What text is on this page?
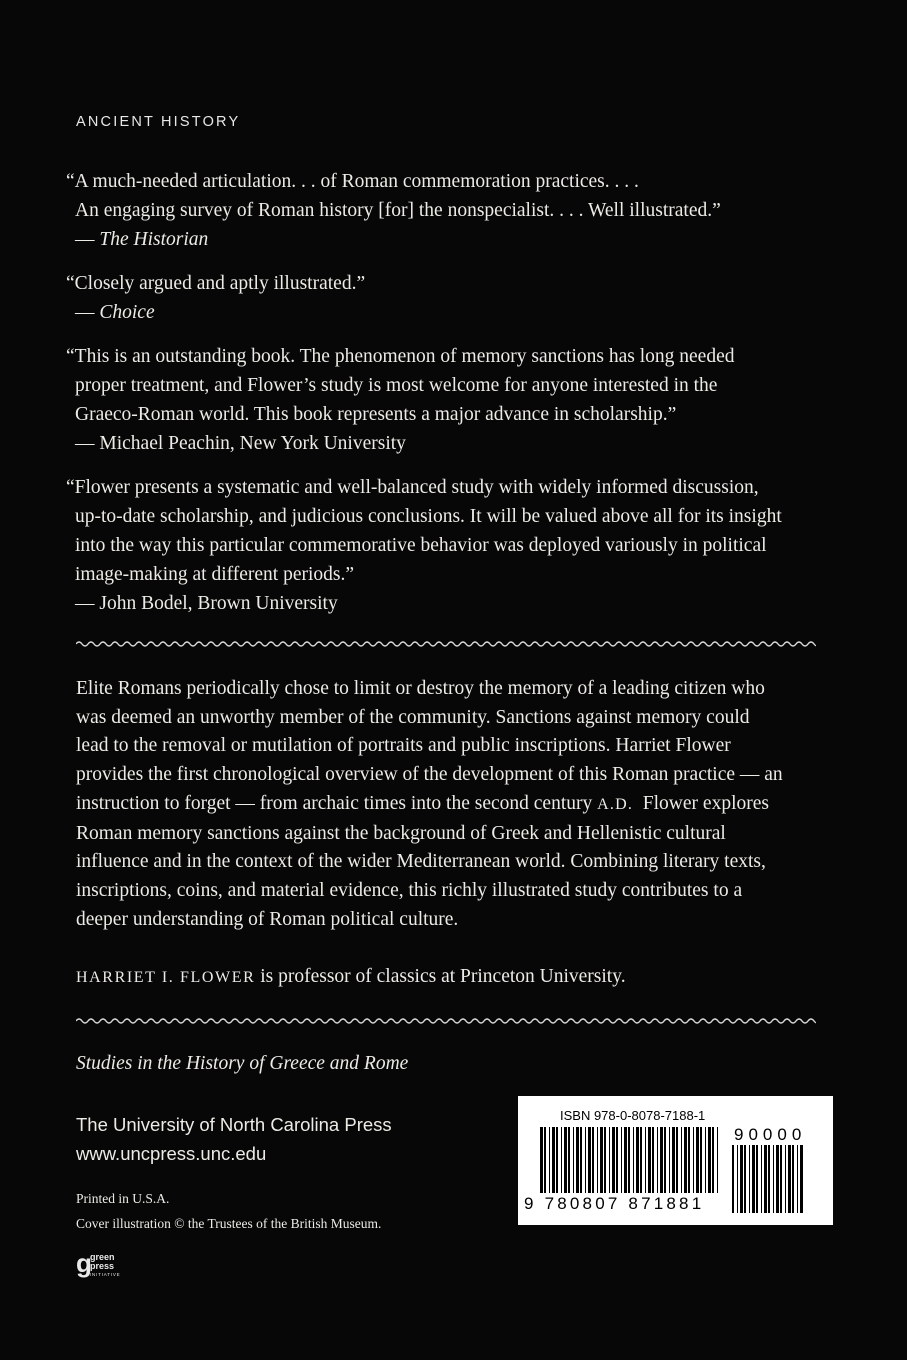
ANCIENT HISTORY
“A much-needed articulation. . . of Roman commemoration practices. . . .
An engaging survey of Roman history [for] the nonspecialist. . . . Well illustrated.”
— The Historian
“Closely argued and aptly illustrated.”
— Choice
“This is an outstanding book. The phenomenon of memory sanctions has long needed
proper treatment, and Flower’s study is most welcome for anyone interested in the
Graeco-Roman world. This book represents a major advance in scholarship.”
— Michael Peachin, New York University
“Flower presents a systematic and well-balanced study with widely informed discussion,
up-to-date scholarship, and judicious conclusions. It will be valued above all for its insight
into the way this particular commemorative behavior was deployed variously in political
image-making at different periods.”
— John Bodel, Brown University
Elite Romans periodically chose to limit or destroy the memory of a leading citizen who
was deemed an unworthy member of the community. Sanctions against memory could
lead to the removal or mutilation of portraits and public inscriptions. Harriet Flower
provides the first chronological overview of the development of this Roman practice — an
instruction to forget — from archaic times into the second century A.D. Flower explores
Roman memory sanctions against the background of Greek and Hellenistic cultural
influence and in the context of the wider Mediterranean world. Combining literary texts,
inscriptions, coins, and material evidence, this richly illustrated study contributes to a
deeper understanding of Roman political culture.
HARRIET I. FLOWER is professor of classics at Princeton University.
Studies in the History of Greece and Rome
The University of North Carolina Press
www.uncpress.unc.edu
Printed in U.S.A.
Cover illustration © the Trustees of the British Museum.
ISBN 978-0-8078-7188-1
90000
9 780807 871881
g
green
press
INITIATIVE
